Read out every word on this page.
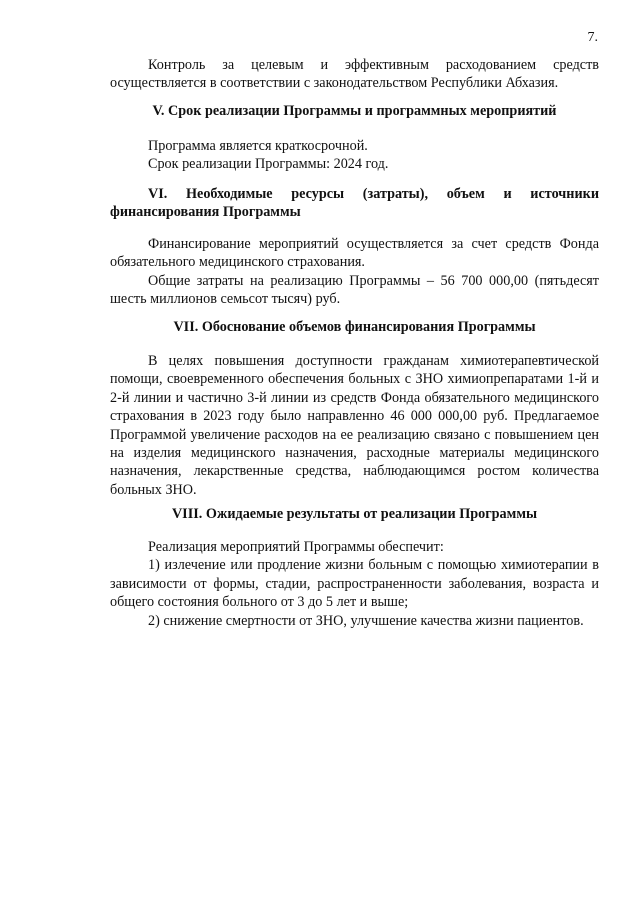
7.

Контроль за целевым и эффективным расходованием средств осуществляется в соответствии с законодательством Республики Абхазия.

V. Срок реализации Программы и программных мероприятий

Программа является краткосрочной.

Срок реализации Программы: 2024 год.

VI. Необходимые ресурсы (затраты), объем и источники финансирования Программы

Финансирование мероприятий осуществляется за счет средств Фонда обязательного медицинского страхования.

Общие затраты на реализацию Программы – 56 700 000,00 (пятьдесят шесть миллионов семьсот тысяч) руб.

VII. Обоснование объемов финансирования Программы

В целях повышения доступности гражданам химиотерапевтической помощи, своевременного обеспечения больных с ЗНО химиопрепаратами 1-й и 2-й линии и частично 3-й линии из средств Фонда обязательного медицинского страхования в 2023 году было направленно 46 000 000,00 руб. Предлагаемое Программой увеличение расходов на ее реализацию связано с повышением цен на изделия медицинского назначения, расходные материалы медицинского назначения, лекарственные средства, наблюдающимся ростом количества больных ЗНО.

VIII. Ожидаемые результаты от реализации Программы

Реализация мероприятий Программы обеспечит:

1) излечение или продление жизни больным с помощью химиотерапии в зависимости от формы, стадии, распространенности заболевания, возраста и общего состояния больного от 3 до 5 лет и выше;

2) снижение смертности от ЗНО, улучшение качества жизни пациентов.
